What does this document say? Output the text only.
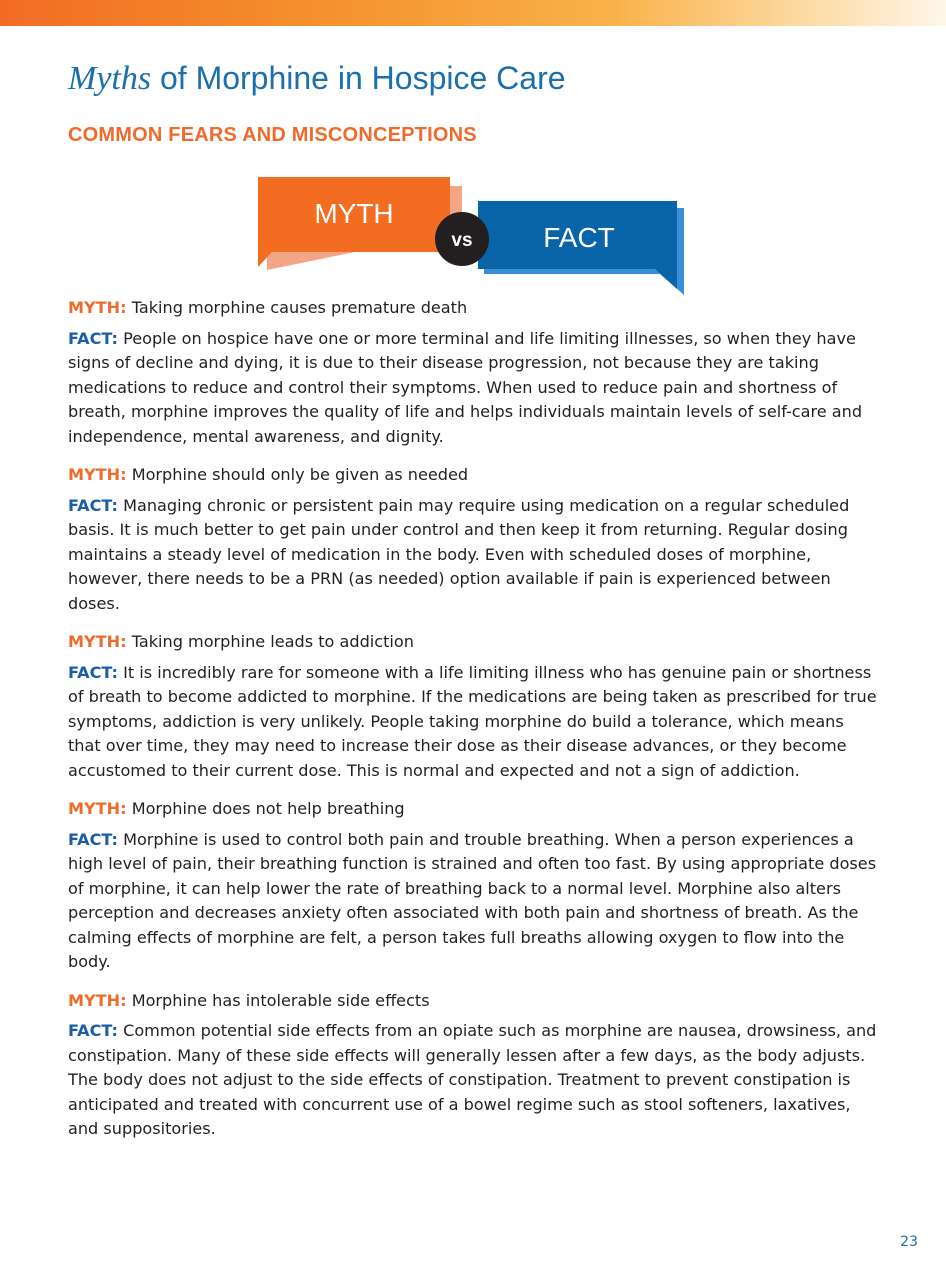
Myths of Morphine in Hospice Care
COMMON FEARS AND MISCONCEPTIONS
MYTH
FACT
vs

MYTH: Taking morphine causes premature death

FACT: People on hospice have one or more terminal and life limiting illnesses, so when they have signs of decline and dying, it is due to their disease progression, not because they are taking medications to reduce and control their symptoms. When used to reduce pain and shortness of breath, morphine improves the quality of life and helps individuals maintain levels of self-care and independence, mental awareness, and dignity.

MYTH: Morphine should only be given as needed

FACT: Managing chronic or persistent pain may require using medication on a regular scheduled basis. It is much better to get pain under control and then keep it from returning. Regular dosing maintains a steady level of medication in the body. Even with scheduled doses of morphine, however, there needs to be a PRN (as needed) option available if pain is experienced between doses.

MYTH: Taking morphine leads to addiction

FACT: It is incredibly rare for someone with a life limiting illness who has genuine pain or shortness of breath to become addicted to morphine. If the medications are being taken as prescribed for true symptoms, addiction is very unlikely. People taking morphine do build a tolerance, which means that over time, they may need to increase their dose as their disease advances, or they become accustomed to their current dose. This is normal and expected and not a sign of addiction.

MYTH: Morphine does not help breathing

FACT: Morphine is used to control both pain and trouble breathing. When a person experiences a high level of pain, their breathing function is strained and often too fast. By using appropriate doses of morphine, it can help lower the rate of breathing back to a normal level. Morphine also alters perception and decreases anxiety often associated with both pain and shortness of breath. As the calming effects of morphine are felt, a person takes full breaths allowing oxygen to flow into the body.

MYTH: Morphine has intolerable side effects

FACT: Common potential side effects from an opiate such as morphine are nausea, drowsiness, and constipation. Many of these side effects will generally lessen after a few days, as the body adjusts. The body does not adjust to the side effects of constipation. Treatment to prevent constipation is anticipated and treated with concurrent use of a bowel regime such as stool softeners, laxatives, and suppositories.

23
